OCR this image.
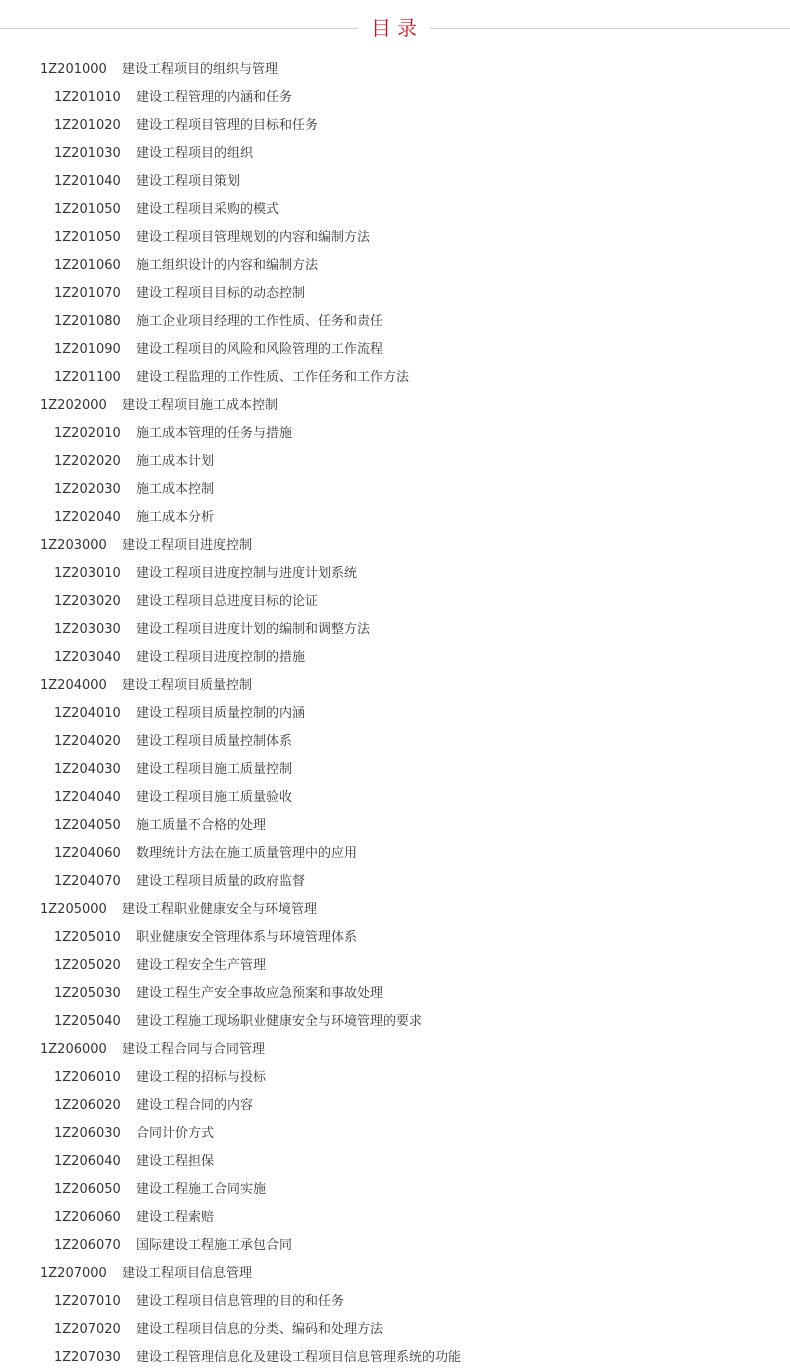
目录
1Z201000 建设工程项目的组织与管理
1Z201010 建设工程管理的内涵和任务
1Z201020 建设工程项目管理的目标和任务
1Z201030 建设工程项目的组织
1Z201040 建设工程项目策划
1Z201050 建设工程项目采购的模式
1Z201050 建设工程项目管理规划的内容和编制方法
1Z201060 施工组织设计的内容和编制方法
1Z201070 建设工程项目目标的动态控制
1Z201080 施工企业项目经理的工作性质、任务和责任
1Z201090 建设工程项目的风险和风险管理的工作流程
1Z201100 建设工程监理的工作性质、工作任务和工作方法
1Z202000 建设工程项目施工成本控制
1Z202010 施工成本管理的任务与措施
1Z202020 施工成本计划
1Z202030 施工成本控制
1Z202040 施工成本分析
1Z203000 建设工程项目进度控制
1Z203010 建设工程项目进度控制与进度计划系统
1Z203020 建设工程项目总进度目标的论证
1Z203030 建设工程项目进度计划的编制和调整方法
1Z203040 建设工程项目进度控制的措施
1Z204000 建设工程项目质量控制
1Z204010 建设工程项目质量控制的内涵
1Z204020 建设工程项目质量控制体系
1Z204030 建设工程项目施工质量控制
1Z204040 建设工程项目施工质量验收
1Z204050 施工质量不合格的处理
1Z204060 数理统计方法在施工质量管理中的应用
1Z204070 建设工程项目质量的政府监督
1Z205000 建设工程职业健康安全与环境管理
1Z205010 职业健康安全管理体系与环境管理体系
1Z205020 建设工程安全生产管理
1Z205030 建设工程生产安全事故应急预案和事故处理
1Z205040 建设工程施工现场职业健康安全与环境管理的要求
1Z206000 建设工程合同与合同管理
1Z206010 建设工程的招标与投标
1Z206020 建设工程合同的内容
1Z206030 合同计价方式
1Z206040 建设工程担保
1Z206050 建设工程施工合同实施
1Z206060 建设工程索赔
1Z206070 国际建设工程施工承包合同
1Z207000 建设工程项目信息管理
1Z207010 建设工程项目信息管理的目的和任务
1Z207020 建设工程项目信息的分类、编码和处理方法
1Z207030 建设工程管理信息化及建设工程项目信息管理系统的功能
